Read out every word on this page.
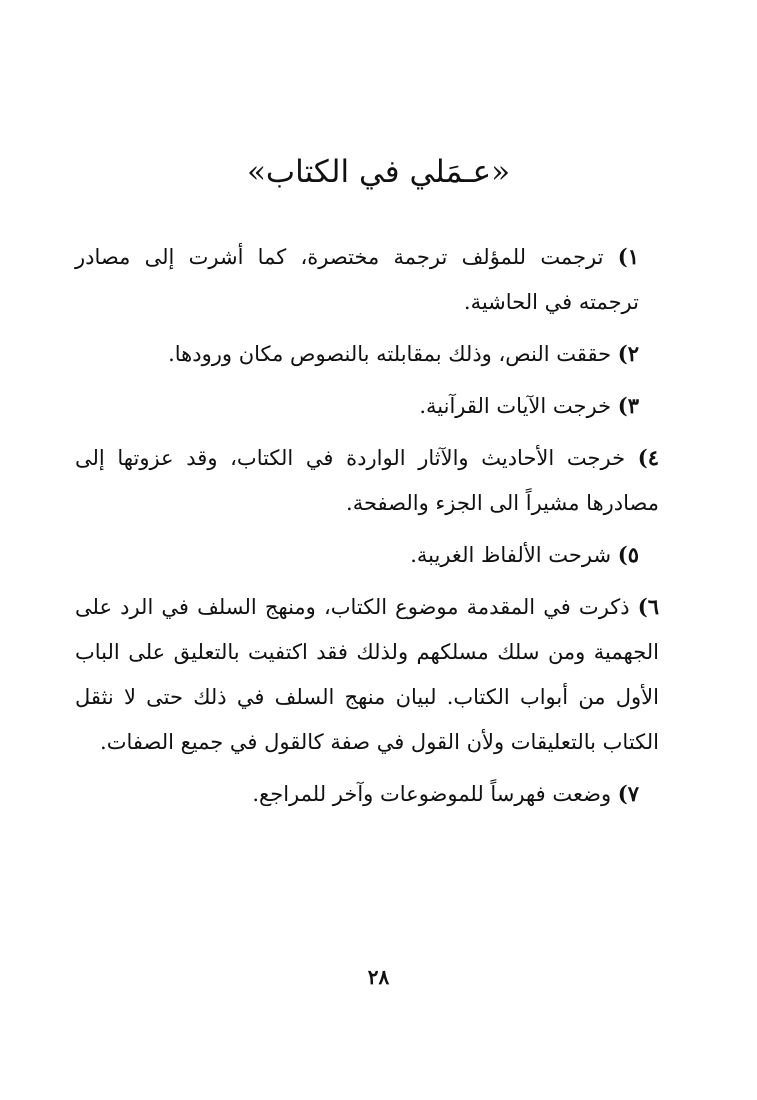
«عـمَلي في الكتاب»

١) ترجمت للمؤلف ترجمة مختصرة، كما أشرت إلى مصادر ترجمته في الحاشية.

٢) حققت النص، وذلك بمقابلته بالنصوص مكان ورودها.

٣) خرجت الآيات القرآنية.

٤) خرجت الأحاديث والآثار الواردة في الكتاب، وقد عزوتها إلى مصادرها مشيراً الى الجزء والصفحة.

٥) شرحت الألفاظ الغريبة.

٦) ذكرت في المقدمة موضوع الكتاب، ومنهج السلف في الرد على الجهمية ومن سلك مسلكهم ولذلك فقد اكتفيت بالتعليق على الباب الأول من أبواب الكتاب. لبيان منهج السلف في ذلك حتى لا نثقل الكتاب بالتعليقات ولأن القول في صفة كالقول في جميع الصفات.

٧) وضعت فهرساً للموضوعات وآخر للمراجع.

٢٨
